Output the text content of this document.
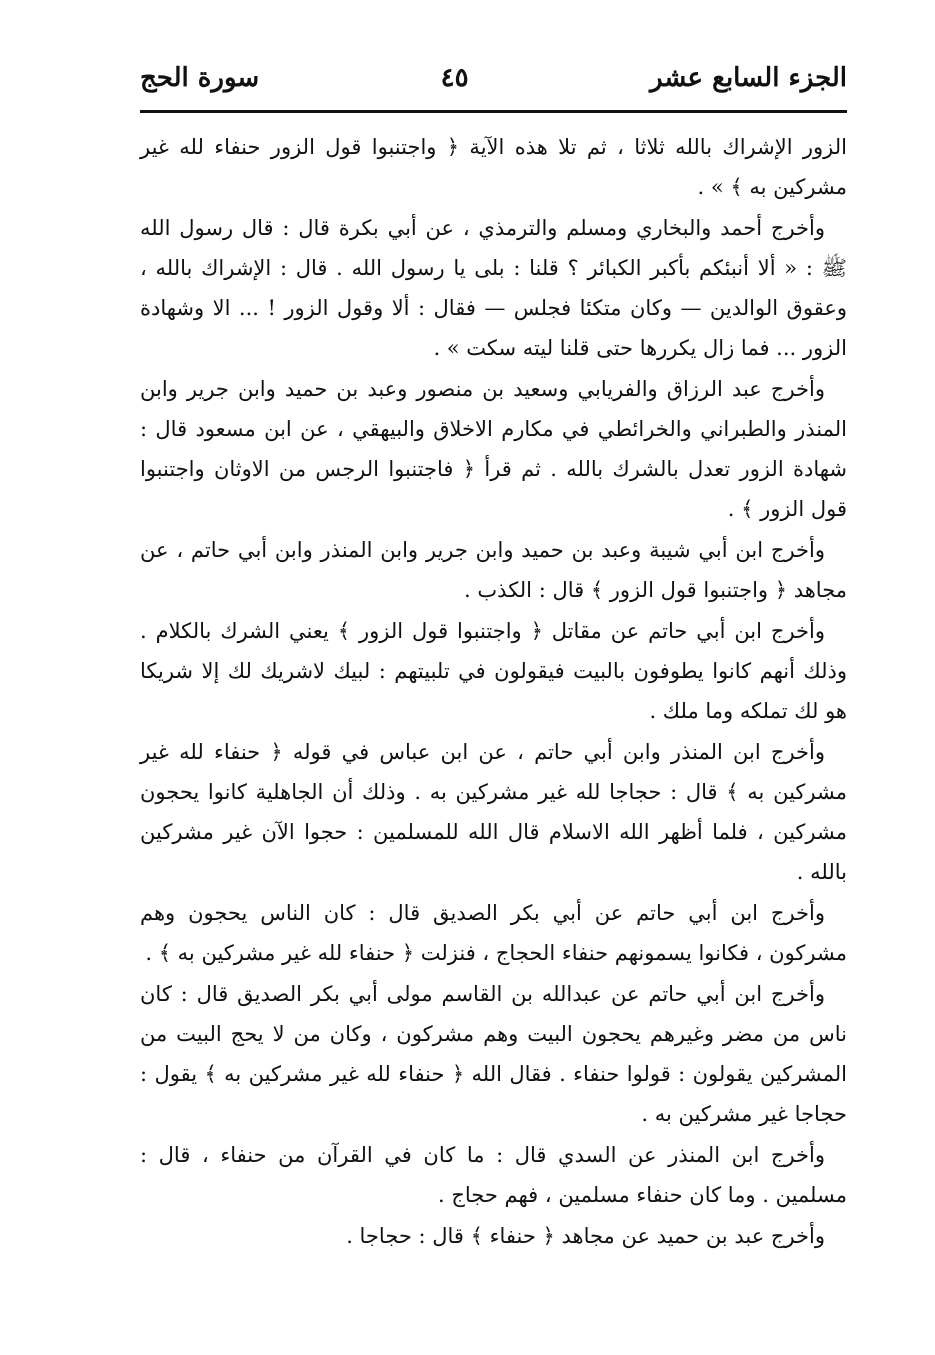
الجزء السابع عشر
٤٥
سورة الحج

الزور الإشراك بالله ثلاثا ، ثم تلا هذه الآية ﴿ واجتنبوا قول الزور حنفاء لله غير مشركين به ﴾ » .

وأخرج أحمد والبخاري ومسلم والترمذي ، عن أبي بكرة قال : قال رسول الله ﷺ : « ألا أنبئكم بأكبر الكبائر ؟ قلنا : بلى يا رسول الله . قال : الإشراك بالله ، وعقوق الوالدين — وكان متكئا فجلس — فقال : ألا وقول الزور ! ... الا وشهادة الزور ... فما زال يكررها حتى قلنا ليته سكت » .

وأخرج عبد الرزاق والفريابي وسعيد بن منصور وعبد بن حميد وابن جرير وابن المنذر والطبراني والخرائطي في مكارم الاخلاق والبيهقي ، عن ابن مسعود قال : شهادة الزور تعدل بالشرك بالله . ثم قرأ ﴿ فاجتنبوا الرجس من الاوثان واجتنبوا قول الزور ﴾ .

وأخرج ابن أبي شيبة وعبد بن حميد وابن جرير وابن المنذر وابن أبي حاتم ، عن مجاهد ﴿ واجتنبوا قول الزور ﴾ قال : الكذب .

وأخرج ابن أبي حاتم عن مقاتل ﴿ واجتنبوا قول الزور ﴾ يعني الشرك بالكلام . وذلك أنهم كانوا يطوفون بالبيت فيقولون في تلبيتهم : لبيك لاشريك لك إلا شريكا هو لك تملكه وما ملك .

وأخرج ابن المنذر وابن أبي حاتم ، عن ابن عباس في قوله ﴿ حنفاء لله غير مشركين به ﴾ قال : حجاجا لله غير مشركين به . وذلك أن الجاهلية كانوا يحجون مشركين ، فلما أظهر الله الاسلام قال الله للمسلمين : حجوا الآن غير مشركين بالله .

وأخرج ابن أبي حاتم عن أبي بكر الصديق قال : كان الناس يحجون وهم مشركون ، فكانوا يسمونهم حنفاء الحجاج ، فنزلت ﴿ حنفاء لله غير مشركين به ﴾ .

وأخرج ابن أبي حاتم عن عبدالله بن القاسم مولى أبي بكر الصديق قال : كان ناس من مضر وغيرهم يحجون البيت وهم مشركون ، وكان من لا يحج البيت من المشركين يقولون : قولوا حنفاء . فقال الله ﴿ حنفاء لله غير مشركين به ﴾ يقول : حجاجا غير مشركين به .

وأخرج ابن المنذر عن السدي قال : ما كان في القرآن من حنفاء ، قال : مسلمين . وما كان حنفاء مسلمين ، فهم حجاج .

وأخرج عبد بن حميد عن مجاهد ﴿ حنفاء ﴾ قال : حجاجا .
